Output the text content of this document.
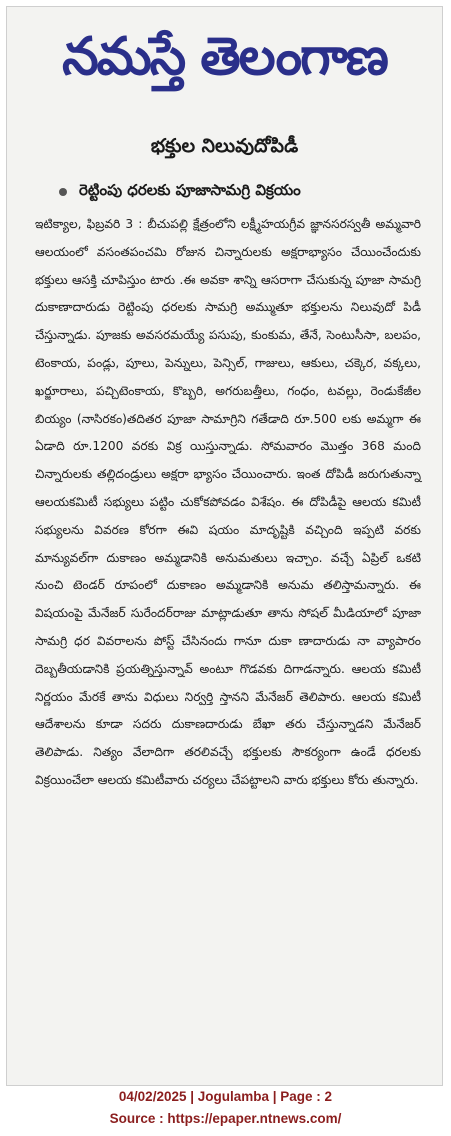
నమస్తే తెలంగాణ
భక్తుల నిలువుదోపిడీ
రెట్టింపు ధరలకు పూజాసామగ్రి విక్రయం
ఇటిక్యాల, ఫిబ్రవరి 3 : బీచుపల్లి క్షేత్రంలోని లక్ష్మీహయగ్రీవ జ్ఞానసరస్వతీ అమ్మవారి ఆలయంలో వసంతపంచమి రోజున చిన్నారులకు అక్షరాభ్యాసం చేయించేందుకు భక్తులు ఆసక్తి చూపిస్తుం టారు .ఈ అవకా శాన్ని ఆసరాగా చేసుకున్న పూజా సామగ్రి దుకాణాదారుడు రెట్టింపు ధరలకు సామగ్రి అమ్ముతూ భక్తులను నిలువుదో పిడీ చేస్తున్నాడు. పూజకు అవసరమయ్యే పసుపు, కుంకుమ, తేనే, సెంటుసీసా, బలపం, టెంకాయ, పండ్లు, పూలు, పెన్నులు, పెన్సిల్, గాజులు, ఆకులు, చక్కెర, వక్కలు, ఖర్జూరాలు, పచ్చిటెంకాయ, కొబ్బరి, అగరుబత్తీలు, గంధం, టవల్లు, రెండుకేజీల బియ్యం (నాసిరకం)తదితర పూజా సామాగ్రిని గతేడాది రూ.500 లకు అమ్మగా ఈ ఏడాది రూ.1200 వరకు విక్ర యిస్తున్నాడు. సోమవారం మొత్తం 368 మంది చిన్నారులకు తల్లిదండ్రులు అక్షరా భ్యాసం చేయించారు. ఇంత దోపిడీ జరుగుతున్నా ఆలయకమిటీ సభ్యులు పట్టిం చుకోకపోవడం విశేషం. ఈ దోపిడీపై ఆలయ కమిటీ సభ్యులను వివరణ కోరగా ఈవి షయం మాదృష్టికి వచ్చింది ఇప్పటి వరకు మాన్యువల్‌గా దుకాణం అమ్మడానికి అనుమతులు ఇచ్చాం. వచ్చే ఏప్రిల్ ఒకటి నుంచి టెండర్ రూపంలో దుకాణం అమ్మడానికి అనుమ తలిస్తామన్నారు. ఈ విషయంపై మేనేజర్ సురేందర్‌రాజు మాట్లాడుతూ తాను సోషల్ మీడియాలో పూజా సామగ్రి ధర వివరాలను పోస్ట్ చేసినందు గానూ దుకా ణాదారుడు నా వ్యాపారం దెబ్బతీయడానికి ప్రయత్నిస్తున్నావ్ అంటూ గొడవకు దిగాడన్నారు. ఆలయ కమిటీ నిర్ణయం మేరకే తాను విధులు నిర్వర్తి స్తానని మేనేజర్ తెలిపారు. ఆలయ కమిటీ ఆదేశాలను కూడా సదరు దుకాణదారుడు బేఖా తరు చేస్తున్నాడని మేనేజర్ తెలిపాడు. నిత్యం వేలాదిగా తరలివచ్చే భక్తులకు సౌకర్యంగా ఉండే ధరలకు విక్రయించేలా ఆలయ కమిటీవారు చర్యలు చేపట్టాలని వారు భక్తులు కోరు తున్నారు.
04/02/2025 | Jogulamba | Page : 2
Source : https://epaper.ntnews.com/
